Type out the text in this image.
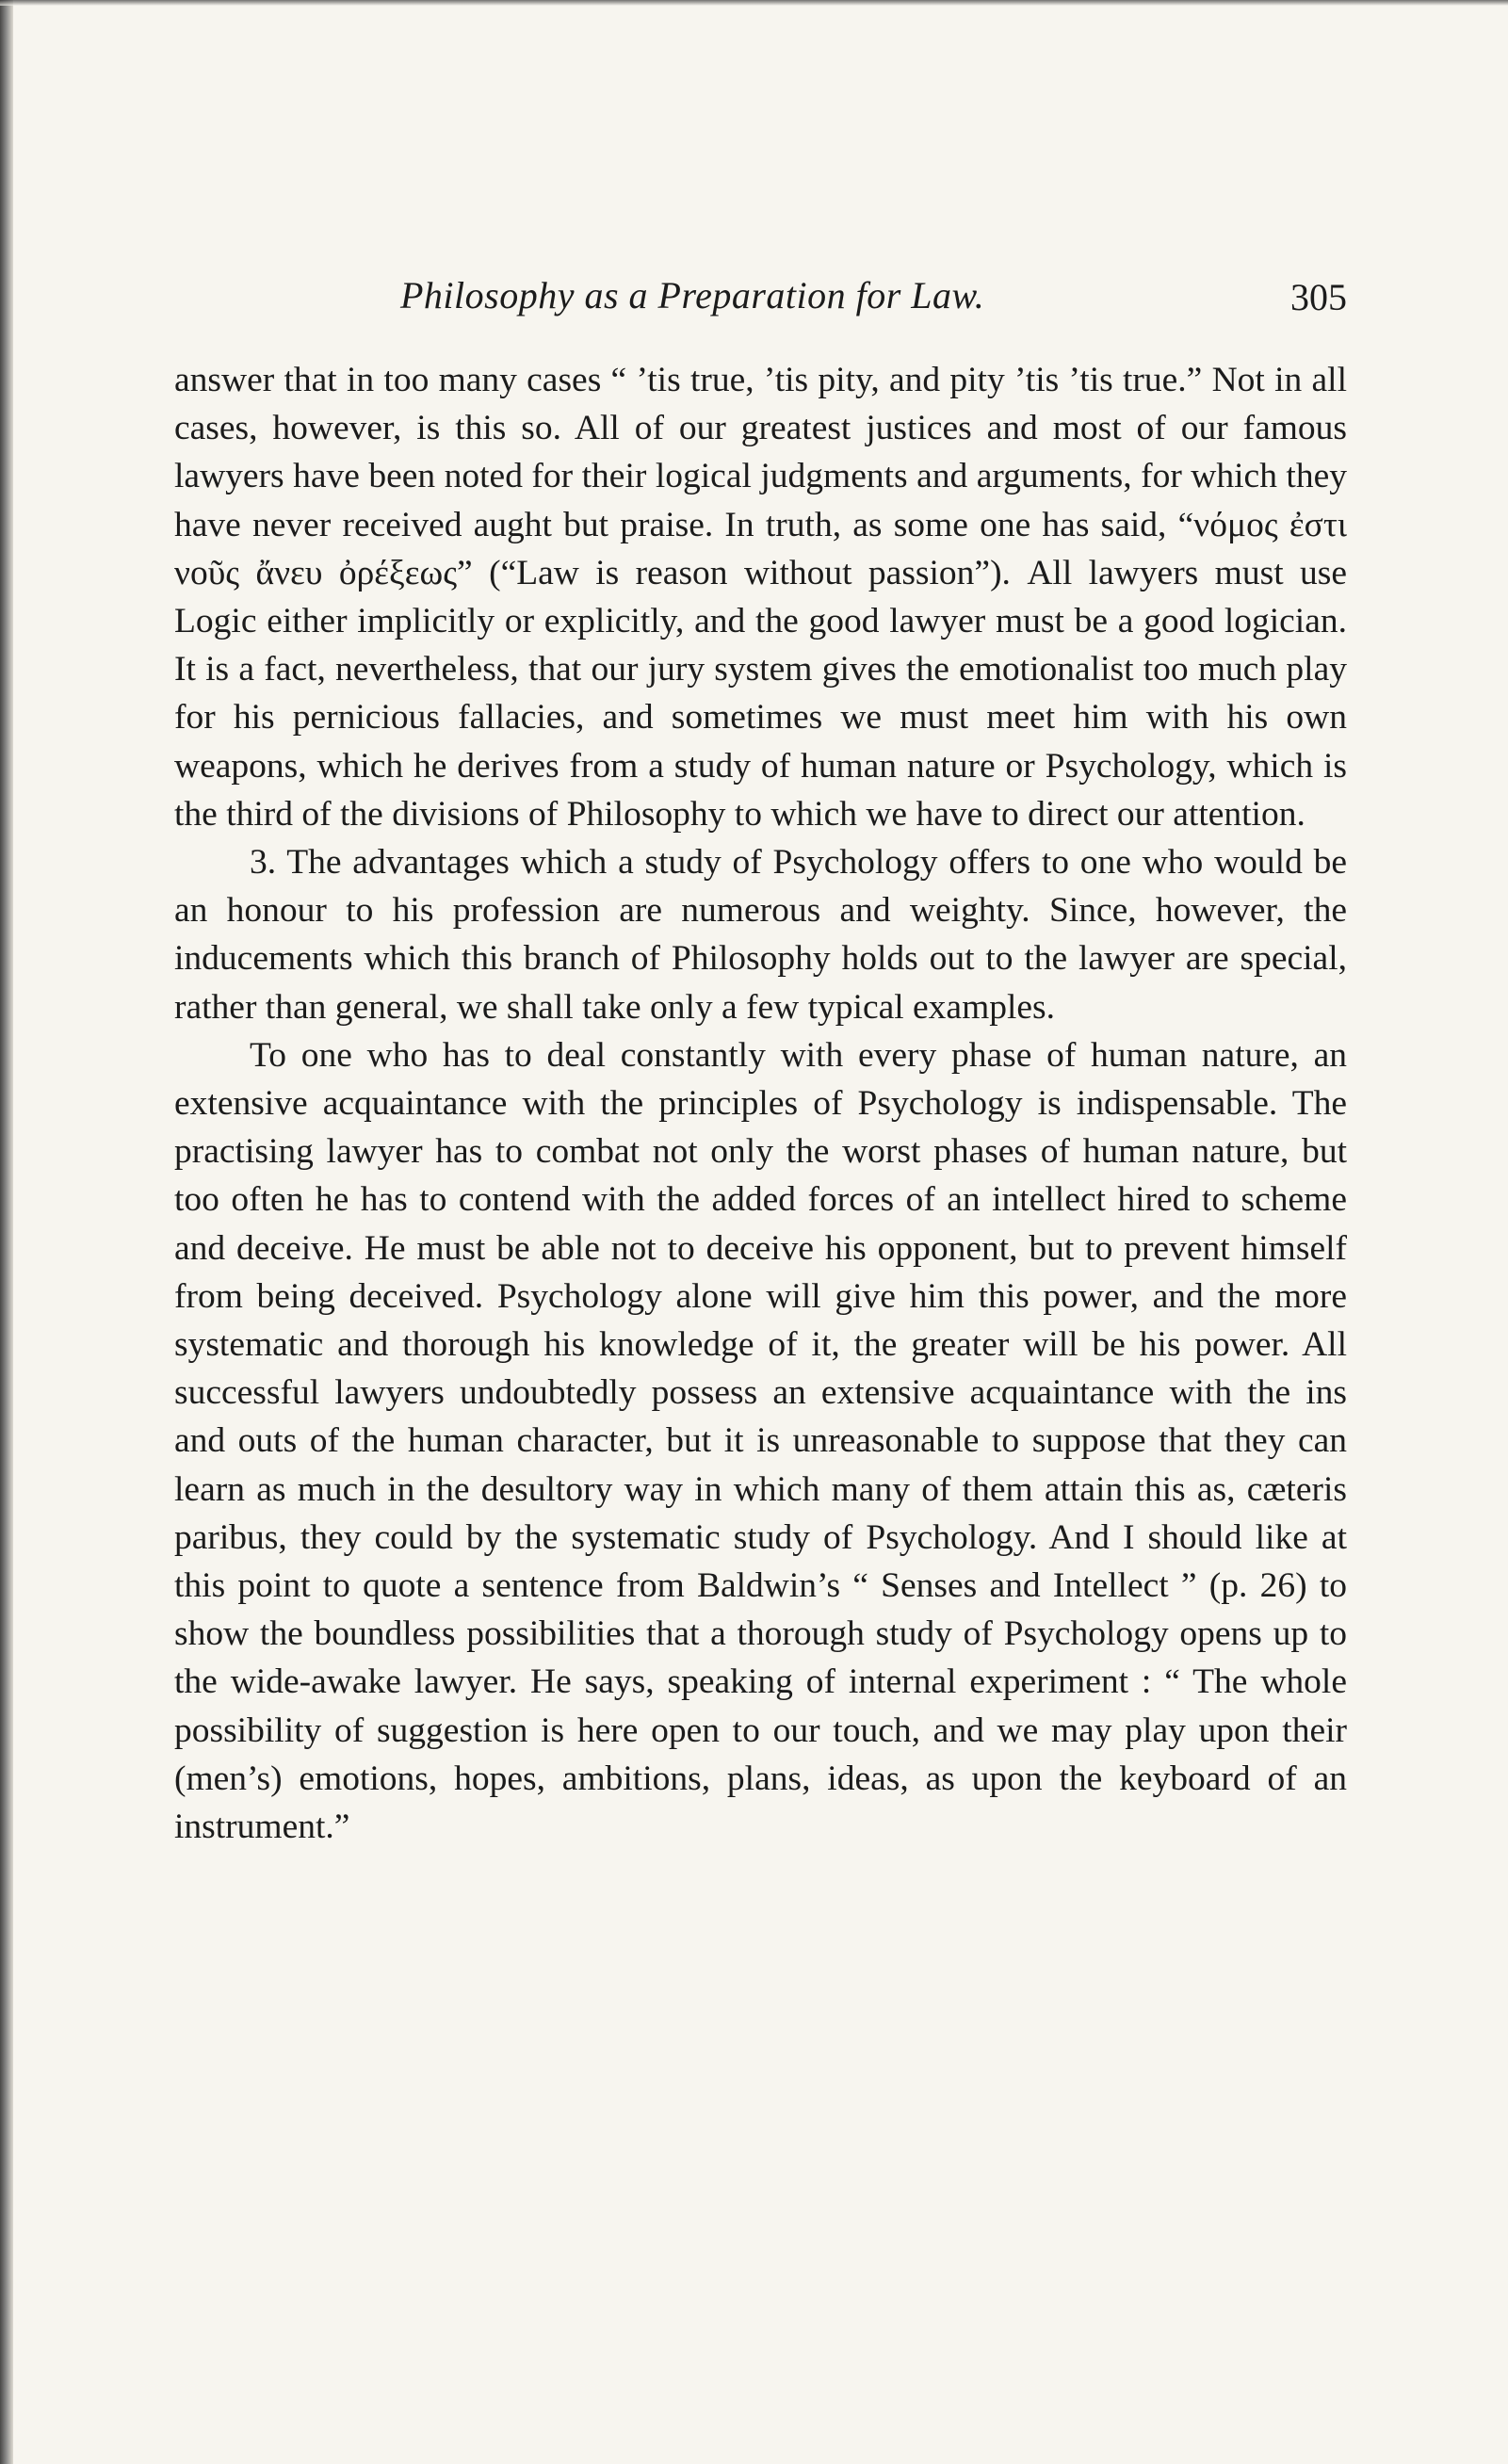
Philosophy as a Preparation for Law.	305

answer that in too many cases “ ’tis true, ’tis pity, and pity ’tis ’tis true.” Not in all cases, however, is this so. All of our greatest justices and most of our famous lawyers have been noted for their logical judgments and arguments, for which they have never received aught but praise. In truth, as some one has said, “νόμος ἐστι νοῦς ἄνευ ὀρέξεως” (“Law is reason without passion”). All lawyers must use Logic either implicitly or explicitly, and the good lawyer must be a good logician. It is a fact, nevertheless, that our jury system gives the emotionalist too much play for his pernicious fallacies, and sometimes we must meet him with his own weapons, which he derives from a study of human nature or Psychology, which is the third of the divisions of Philosophy to which we have to direct our attention.

3. The advantages which a study of Psychology offers to one who would be an honour to his profession are numerous and weighty. Since, however, the inducements which this branch of Philosophy holds out to the lawyer are special, rather than general, we shall take only a few typical examples.

To one who has to deal constantly with every phase of human nature, an extensive acquaintance with the principles of Psychology is indispensable. The practising lawyer has to combat not only the worst phases of human nature, but too often he has to contend with the added forces of an intellect hired to scheme and deceive. He must be able not to deceive his opponent, but to prevent himself from being deceived. Psychology alone will give him this power, and the more systematic and thorough his knowledge of it, the greater will be his power. All successful lawyers undoubtedly possess an extensive acquaintance with the ins and outs of the human character, but it is unreasonable to suppose that they can learn as much in the desultory way in which many of them attain this as, cæteris paribus, they could by the systematic study of Psychology. And I should like at this point to quote a sentence from Baldwin’s “ Senses and Intellect ” (p. 26) to show the boundless possibilities that a thorough study of Psychology opens up to the wide-awake lawyer. He says, speaking of internal experiment : “ The whole possibility of suggestion is here open to our touch, and we may play upon their (men’s) emotions, hopes, ambitions, plans, ideas, as upon the keyboard of an instrument.”
